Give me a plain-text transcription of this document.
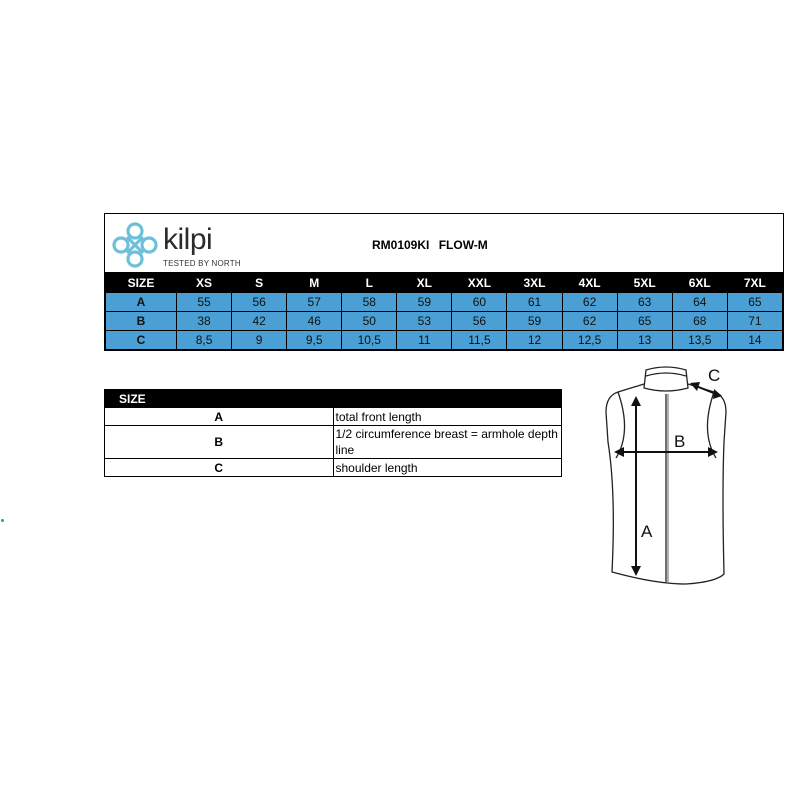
kilpi
TESTED BY NORTH
RM0109KI FLOW-M
SIZE	XS	S	M	L	XL	XXL	3XL	4XL	5XL	6XL	7XL
A	55	56	57	58	59	60	61	62	63	64	65
B	38	42	46	50	53	56	59	62	65	68	71
C	8,5	9	9,5	10,5	11	11,5	12	12,5	13	13,5	14
SIZE	
A	total front length
B	1/2 circumference breast = armhole depth line
C	shoulder length
A
B
C
